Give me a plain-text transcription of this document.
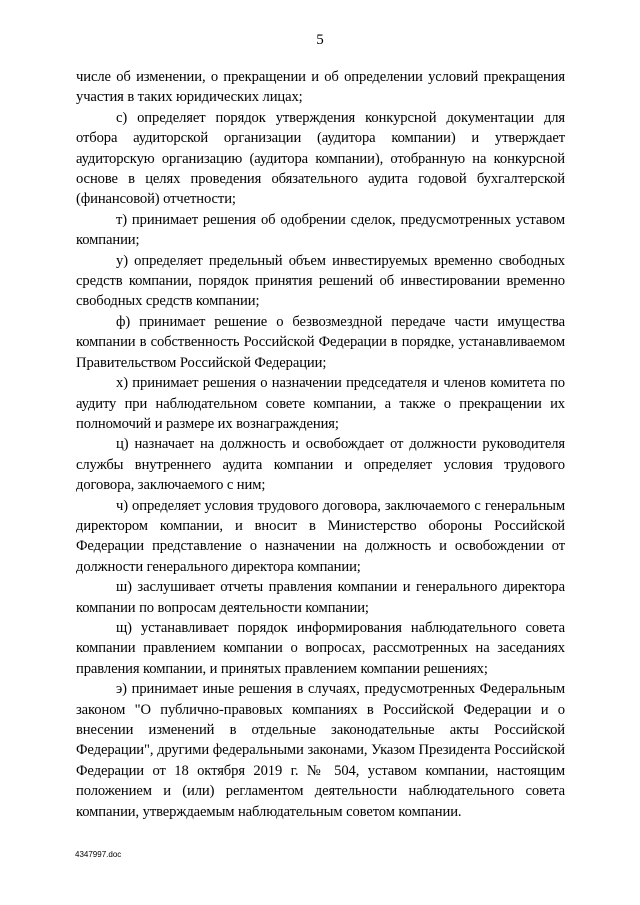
5

числе об изменении, о прекращении и об определении условий прекращения участия в таких юридических лицах;

с) определяет порядок утверждения конкурсной документации для отбора аудиторской организации (аудитора компании) и утверждает аудиторскую организацию (аудитора компании), отобранную на конкурсной основе в целях проведения обязательного аудита годовой бухгалтерской (финансовой) отчетности;

т) принимает решения об одобрении сделок, предусмотренных уставом компании;

у) определяет предельный объем инвестируемых временно свободных средств компании, порядок принятия решений об инвестировании временно свободных средств компании;

ф) принимает решение о безвозмездной передаче части имущества компании в собственность Российской Федерации в порядке, устанавливаемом Правительством Российской Федерации;

х) принимает решения о назначении председателя и членов комитета по аудиту при наблюдательном совете компании, а также о прекращении их полномочий и размере их вознаграждения;

ц) назначает на должность и освобождает от должности руководителя службы внутреннего аудита компании и определяет условия трудового договора, заключаемого с ним;

ч) определяет условия трудового договора, заключаемого с генеральным директором компании, и вносит в Министерство обороны Российской Федерации представление о назначении на должность и освобождении от должности генерального директора компании;

ш) заслушивает отчеты правления компании и генерального директора компании по вопросам деятельности компании;

щ) устанавливает порядок информирования наблюдательного совета компании правлением компании о вопросах, рассмотренных на заседаниях правления компании, и принятых правлением компании решениях;

э) принимает иные решения в случаях, предусмотренных Федеральным законом "О публично-правовых компаниях в Российской Федерации и о внесении изменений в отдельные законодательные акты Российской Федерации", другими федеральными законами, Указом Президента Российской Федерации от 18 октября 2019 г. № 504, уставом компании, настоящим положением и (или) регламентом деятельности наблюдательного совета компании, утверждаемым наблюдательным советом компании.

4347997.doc
